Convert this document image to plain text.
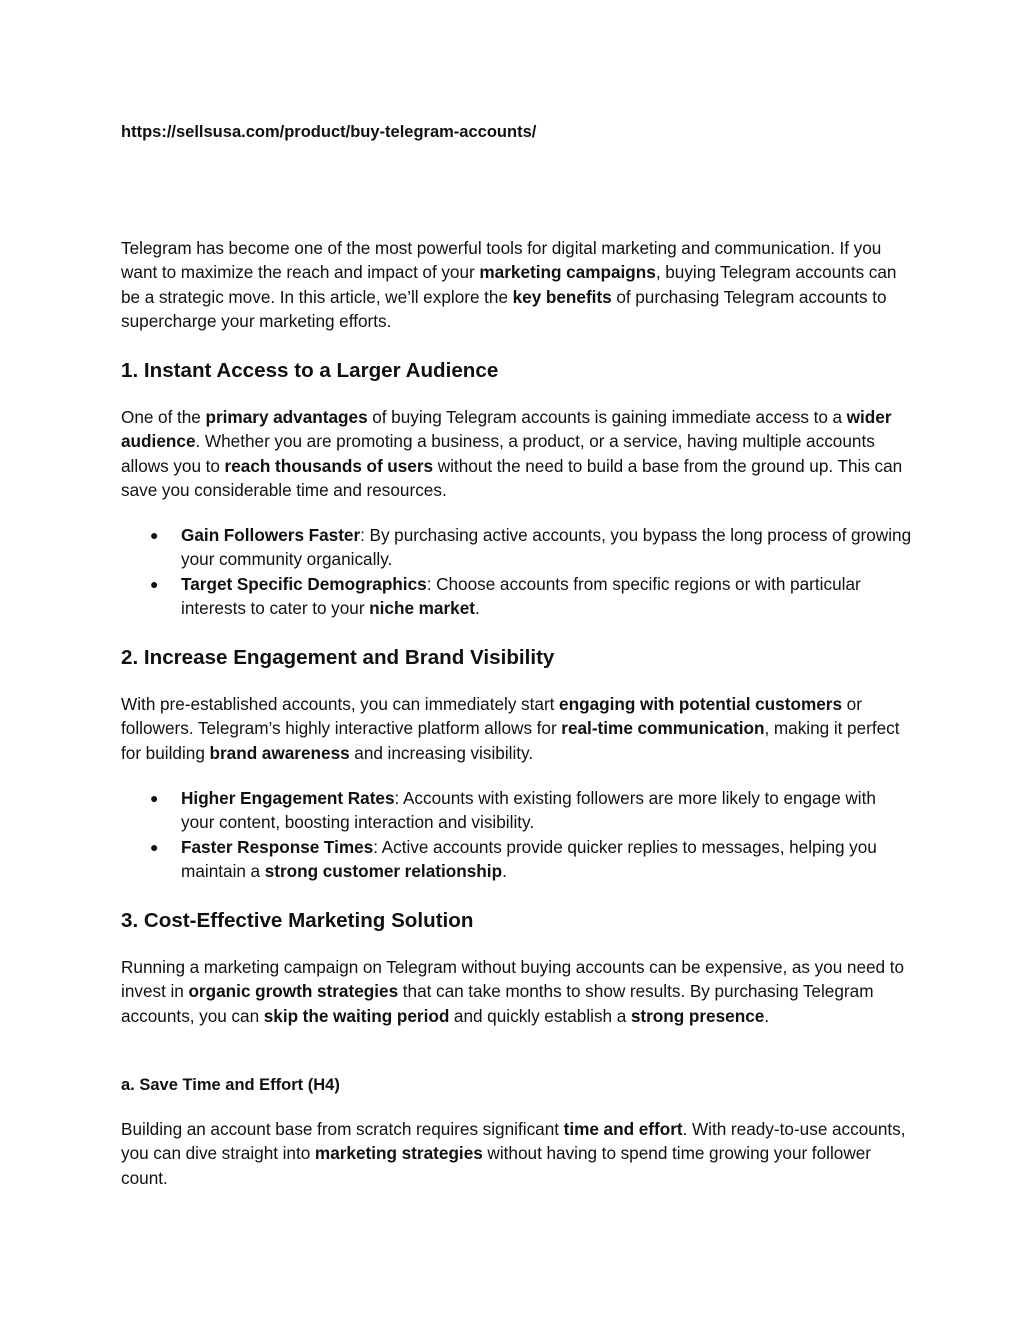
https://sellsusa.com/product/buy-telegram-accounts/

Telegram has become one of the most powerful tools for digital marketing and communication. If you want to maximize the reach and impact of your marketing campaigns, buying Telegram accounts can be a strategic move. In this article, we’ll explore the key benefits of purchasing Telegram accounts to supercharge your marketing efforts.

1. Instant Access to a Larger Audience

One of the primary advantages of buying Telegram accounts is gaining immediate access to a wider audience. Whether you are promoting a business, a product, or a service, having multiple accounts allows you to reach thousands of users without the need to build a base from the ground up. This can save you considerable time and resources.

● Gain Followers Faster: By purchasing active accounts, you bypass the long process of growing your community organically.
● Target Specific Demographics: Choose accounts from specific regions or with particular interests to cater to your niche market.
2. Increase Engagement and Brand Visibility

With pre-established accounts, you can immediately start engaging with potential customers or followers. Telegram’s highly interactive platform allows for real-time communication, making it perfect for building brand awareness and increasing visibility.

● Higher Engagement Rates: Accounts with existing followers are more likely to engage with your content, boosting interaction and visibility.
● Faster Response Times: Active accounts provide quicker replies to messages, helping you maintain a strong customer relationship.
3. Cost-Effective Marketing Solution

Running a marketing campaign on Telegram without buying accounts can be expensive, as you need to invest in organic growth strategies that can take months to show results. By purchasing Telegram accounts, you can skip the waiting period and quickly establish a strong presence.

a. Save Time and Effort (H4)

Building an account base from scratch requires significant time and effort. With ready-to-use accounts, you can dive straight into marketing strategies without having to spend time growing your follower count.
